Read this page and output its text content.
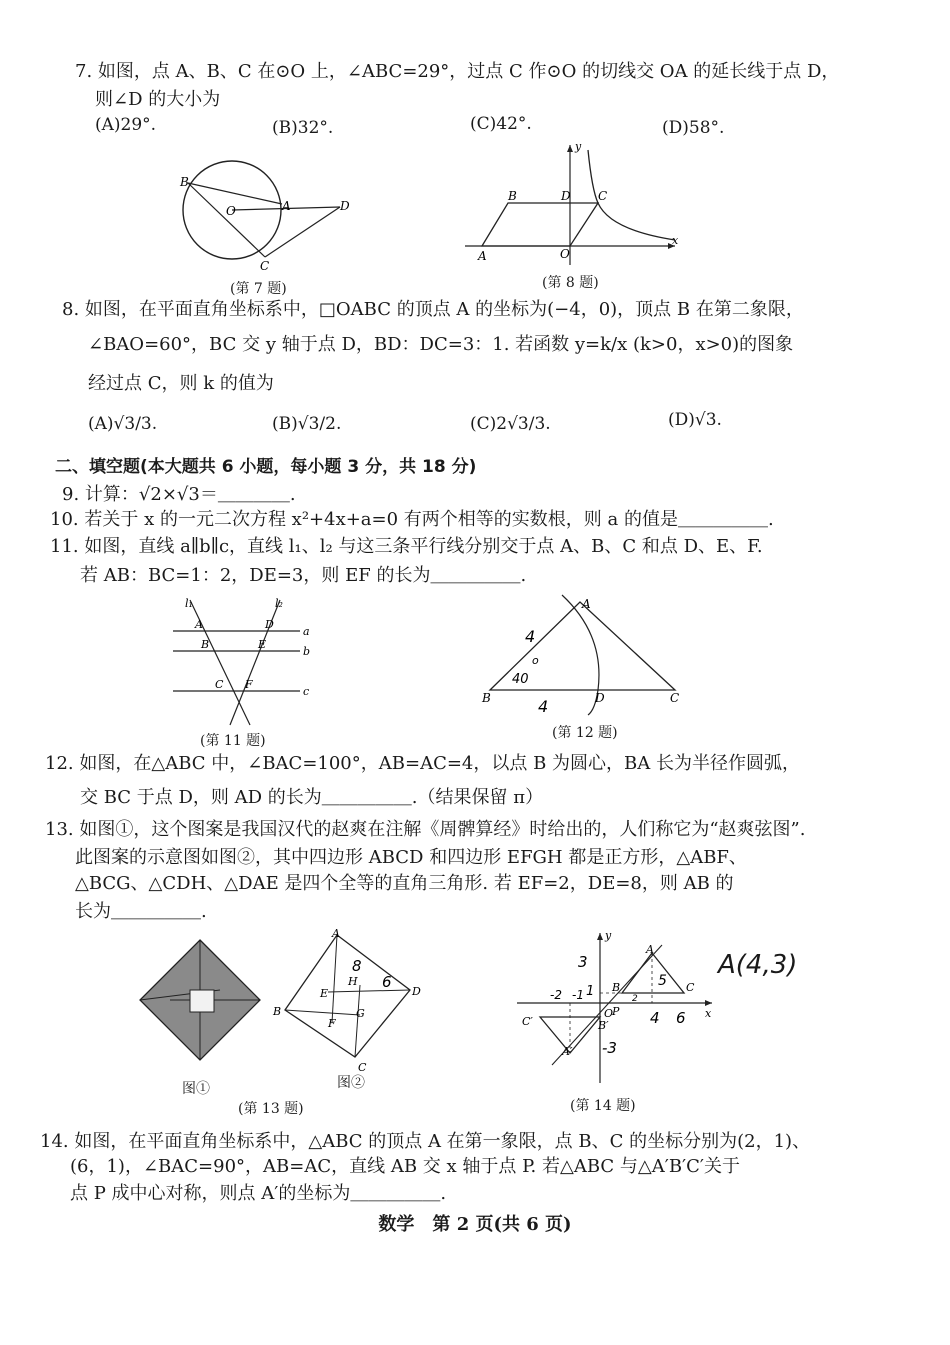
7. 如图，点 A、B、C 在⊙O 上，∠ABC=29°，过点 C 作⊙O 的切线交 OA 的延长线于点 D，
则∠D 的大小为
(A)29°.	(B)32°.	(C)42°.	(D)58°.
B
O	A	D
C
(第 7 题)
y
x
B	D C
A	O
(第 8 题)
8. 如图，在平面直角坐标系中，□OABC 的顶点 A 的坐标为(−4，0)，顶点 B 在第二象限，
∠BAO=60°，BC 交 y 轴于点 D，BD：DC=3：1. 若函数 y=k/x (k>0，x>0)的图象
经过点 C，则 k 的值为
(A)√3/3.	(B)√3/2.	(C)2√3/3.	(D)√3.
二、填空题(本大题共 6 小题，每小题 3 分，共 18 分)
9. 计算：√2×√3＝＿＿＿＿.
10. 若关于 x 的一元二次方程 x²+4x+a=0 有两个相等的实数根，则 a 的值是＿＿＿＿＿.
11. 如图，直线 a∥b∥c，直线 l₁、l₂ 与这三条平行线分别交于点 A、B、C 和点 D、E、F.
若 AB：BC=1：2，DE=3，则 EF 的长为＿＿＿＿＿.
l₁	l₂
a
b
c
A
B
C
D
E
F
(第 11 题)
B
A
D	C
4
o
40
4
(第 12 题)
12. 如图，在△ABC 中，∠BAC=100°，AB=AC=4，以点 B 为圆心，BA 长为半径作圆弧，
交 BC 于点 D，则 AD 的长为＿＿＿＿＿.（结果保留 π）
13. 如图①，这个图案是我国汉代的赵爽在注解《周髀算经》时给出的，人们称它为“赵爽弦图”.
此图案的示意图如图②，其中四边形 ABCD 和四边形 EFGH 都是正方形，△ABF、
△BCG、△CDH、△DAE 是四个全等的直角三角形. 若 EF=2，DE=8，则 AB 的
长为＿＿＿＿＿.
图①
A
D
C
B
E
H
F
G
8
6
图②
(第 13 题)
y
x
A
B	C
O
P
B′
C′
A′
3
1
-2 -1	2
5
4 6
-3
A(4,3)
(第 14 题)
14. 如图，在平面直角坐标系中，△ABC 的顶点 A 在第一象限，点 B、C 的坐标分别为(2，1)、
(6，1)，∠BAC=90°，AB=AC，直线 AB 交 x 轴于点 P. 若△ABC 与△A′B′C′关于
点 P 成中心对称，则点 A′的坐标为＿＿＿＿＿.
数学　第 2 页(共 6 页)
